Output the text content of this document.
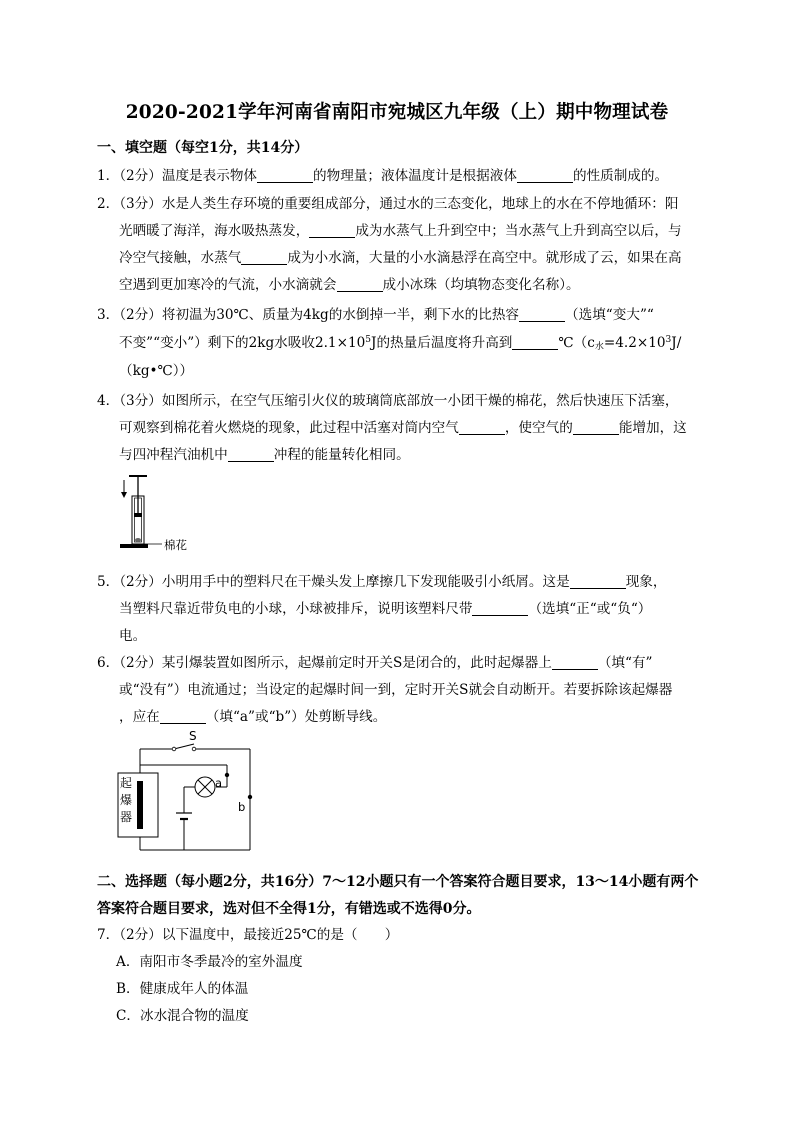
2020-2021学年河南省南阳市宛城区九年级（上）期中物理试卷
一、填空题（每空1分，共14分）
1．（2分）温度是表示物体	的物理量；液体温度计是根据液体	的性质制成的。
2．（3分）水是人类生存环境的重要组成部分，通过水的三态变化，地球上的水在不停地循环：阳
光晒暖了海洋，海水吸热蒸发，	成为水蒸气上升到空中；当水蒸气上升到高空以后，与
冷空气接触，水蒸气	成为小水滴，大量的小水滴悬浮在高空中。就形成了云，如果在高
空遇到更加寒冷的气流，小水滴就会	成小冰珠（均填物态变化名称）。
3．（2分）将初温为30℃、质量为4kg的水倒掉一半，剩下水的比热容	（选填“变大”“
不变”“变小”）剩下的2kg水吸收$2.1\times 10^5J$的热量后温度将升高到	$℃(c_水=4.2\times 10^3J/$
（kg•℃））
4．（3分）如图所示，在空气压缩引火仪的玻璃筒底部放一小团干燥的棉花，然后快速压下活塞，
可观察到棉花着火燃烧的现象，此过程中活塞对筒内空气	，使空气的	能增加，这
与四冲程汽油机中	冲程的能量转化相同。
棉花
5．（2分）小明用手中的塑料尺在干燥头发上摩擦几下发现能吸引小纸屑。这是	现象，
当塑料尺靠近带负电的小球，小球被排斥，说明该塑料尺带	（选填“正“或“负“）
电。
6．（2分）某引爆装置如图所示，起爆前定时开关S是闭合的，此时起爆器上	（填“有”
或“没有”）电流通过；当设定的起爆时间一到，定时开关S就会自动断开。若要拆除该起爆器
，应在	（填“a”或“b”）处剪断导线。
S
a
b
起
爆
器
二、选择题（每小题2分，共16分）7～12小题只有一个答案符合题目要求，13～14小题有两个
答案符合题目要求，选对但不全得1分，有错选或不选得0分。
7．（2分）以下温度中，最接近25℃的是（　　）
A．南阳市冬季最冷的室外温度
B．健康成年人的体温
C．冰水混合物的温度
